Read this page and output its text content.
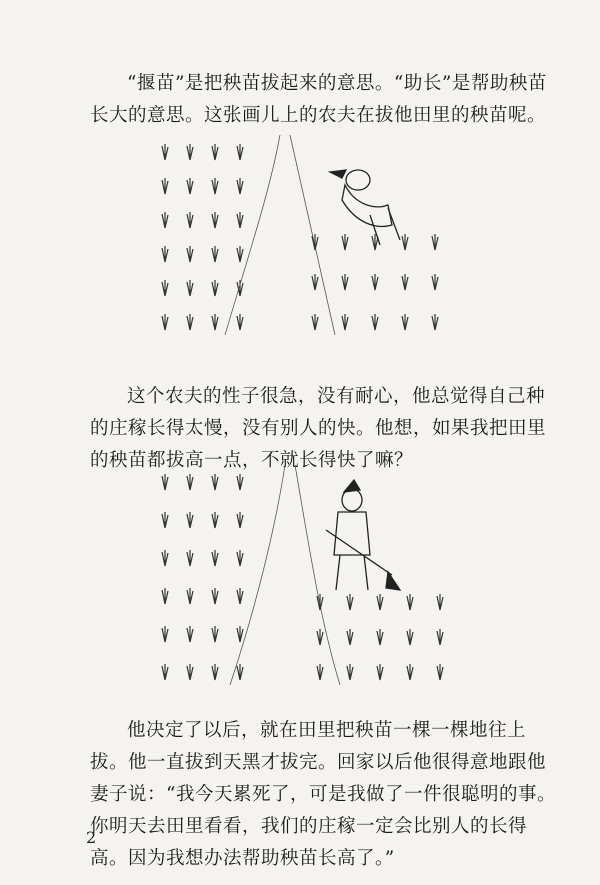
“揠苗”是把秧苗拔起来的意思。“助长”是帮助秧苗长大的意思。这张画儿上的农夫在拔他田里的秧苗呢。

这个农夫的性子很急，没有耐心，他总觉得自己种的庄稼长得太慢，没有别人的快。他想，如果我把田里的秧苗都拔高一点，不就长得快了嘛？

他决定了以后，就在田里把秧苗一棵一棵地往上拔。他一直拔到天黑才拔完。回家以后他很得意地跟他妻子说：“我今天累死了，可是我做了一件很聪明的事。你明天去田里看看，我们的庄稼一定会比别人的长得高。因为我想办法帮助秧苗长高了。”

2
